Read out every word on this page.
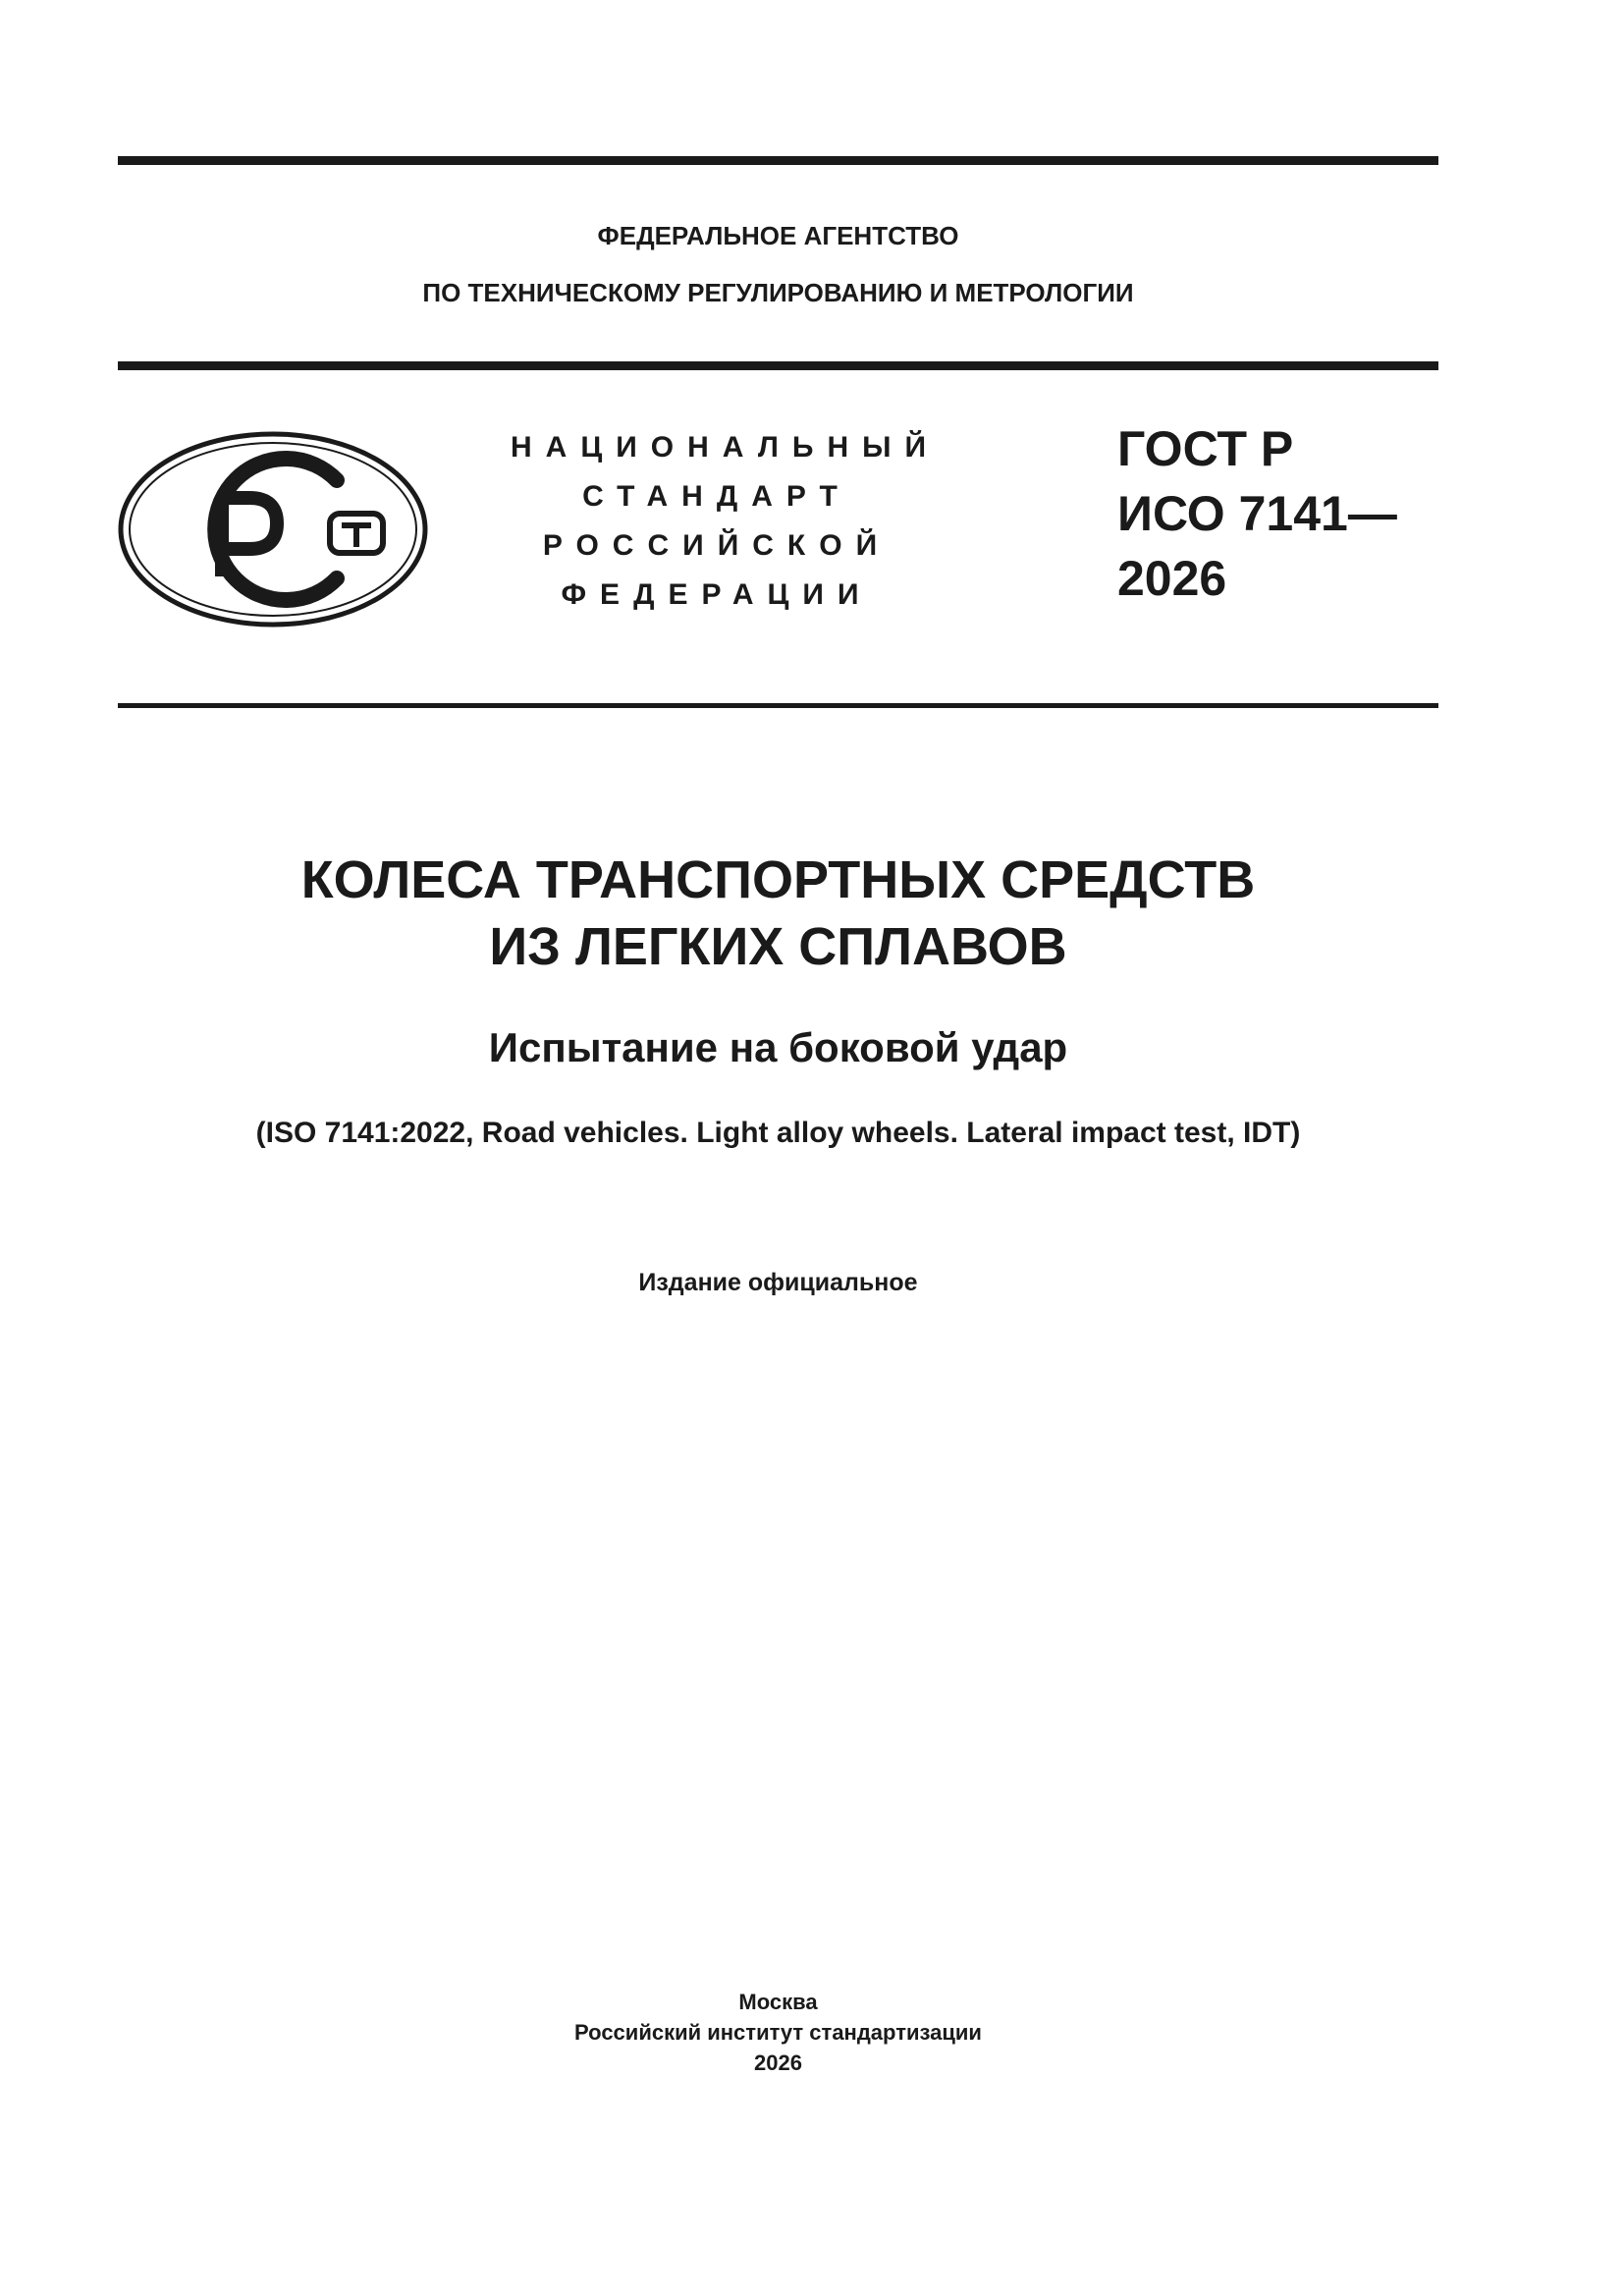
ФЕДЕРАЛЬНОЕ АГЕНТСТВО
ПО ТЕХНИЧЕСКОМУ РЕГУЛИРОВАНИЮ И МЕТРОЛОГИИ
НАЦИОНАЛЬНЫЙ
СТАНДАРТ
РОССИЙСКОЙ
ФЕДЕРАЦИИ
ГОСТ Р
ИСО 7141—
2026
КОЛЕСА ТРАНСПОРТНЫХ СРЕДСТВ
ИЗ ЛЕГКИХ СПЛАВОВ
Испытание на боковой удар
(ISO 7141:2022, Road vehicles. Light alloy wheels. Lateral impact test, IDT)
Издание официальное
Москва
Российский институт стандартизации
2026
